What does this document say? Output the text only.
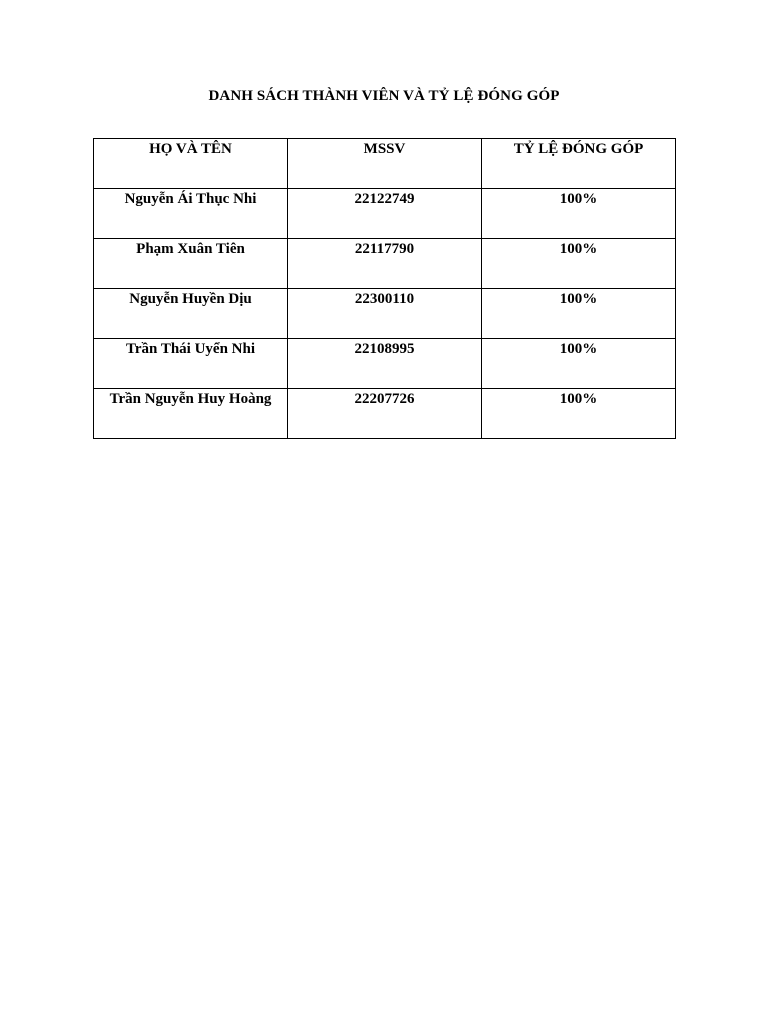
DANH SÁCH THÀNH VIÊN VÀ TỶ LỆ ĐÓNG GÓP
HỌ VÀ TÊN	MSSV	TỶ LỆ ĐÓNG GÓP
Nguyễn Ái Thục Nhi	22122749	100%
Phạm Xuân Tiên	22117790	100%
Nguyễn Huyền Dịu	22300110	100%
Trần Thái Uyển Nhi	22108995	100%
Trần Nguyễn Huy Hoàng	22207726	100%
